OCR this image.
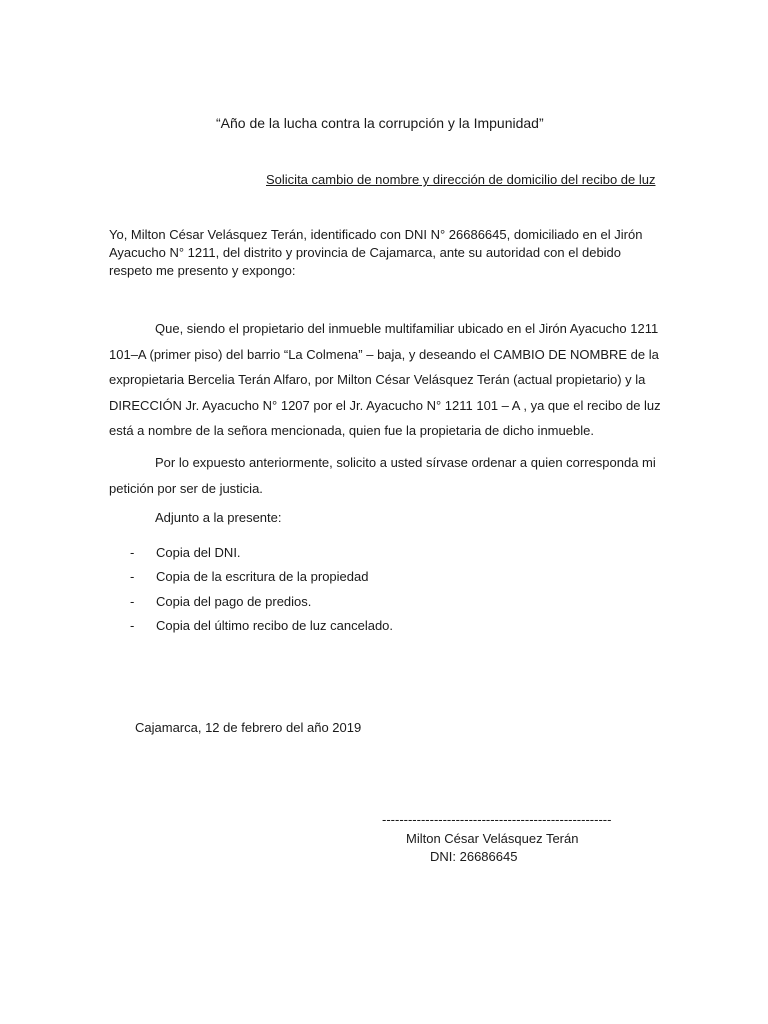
“Año de la lucha contra la corrupción y la Impunidad”
Solicita cambio de nombre y dirección de domicilio del recibo de luz
Yo, Milton César Velásquez Terán, identificado con DNI N° 26686645, domiciliado en el Jirón
Ayacucho N° 1211, del distrito y provincia de Cajamarca, ante su autoridad con el debido
respeto me presento y expongo:
Que, siendo el propietario del inmueble multifamiliar ubicado en el Jirón Ayacucho 1211
101–A (primer piso) del barrio “La Colmena” – baja, y deseando el CAMBIO DE NOMBRE de la
expropietaria Bercelia Terán Alfaro, por Milton César Velásquez Terán (actual propietario) y la
DIRECCIÓN Jr. Ayacucho N° 1207 por el Jr. Ayacucho N° 1211 101 – A , ya que el recibo de luz
está a nombre de la señora mencionada, quien fue la propietaria de dicho inmueble.
Por lo expuesto anteriormente, solicito a usted sírvase ordenar a quien corresponda mi
petición por ser de justicia.
Adjunto a la presente:
- Copia del DNI.
- Copia de la escritura de la propiedad
- Copia del pago de predios.
- Copia del último recibo de luz cancelado.
Cajamarca, 12 de febrero del año 2019
-----------------------------------------------------
Milton César Velásquez Terán
DNI: 26686645
